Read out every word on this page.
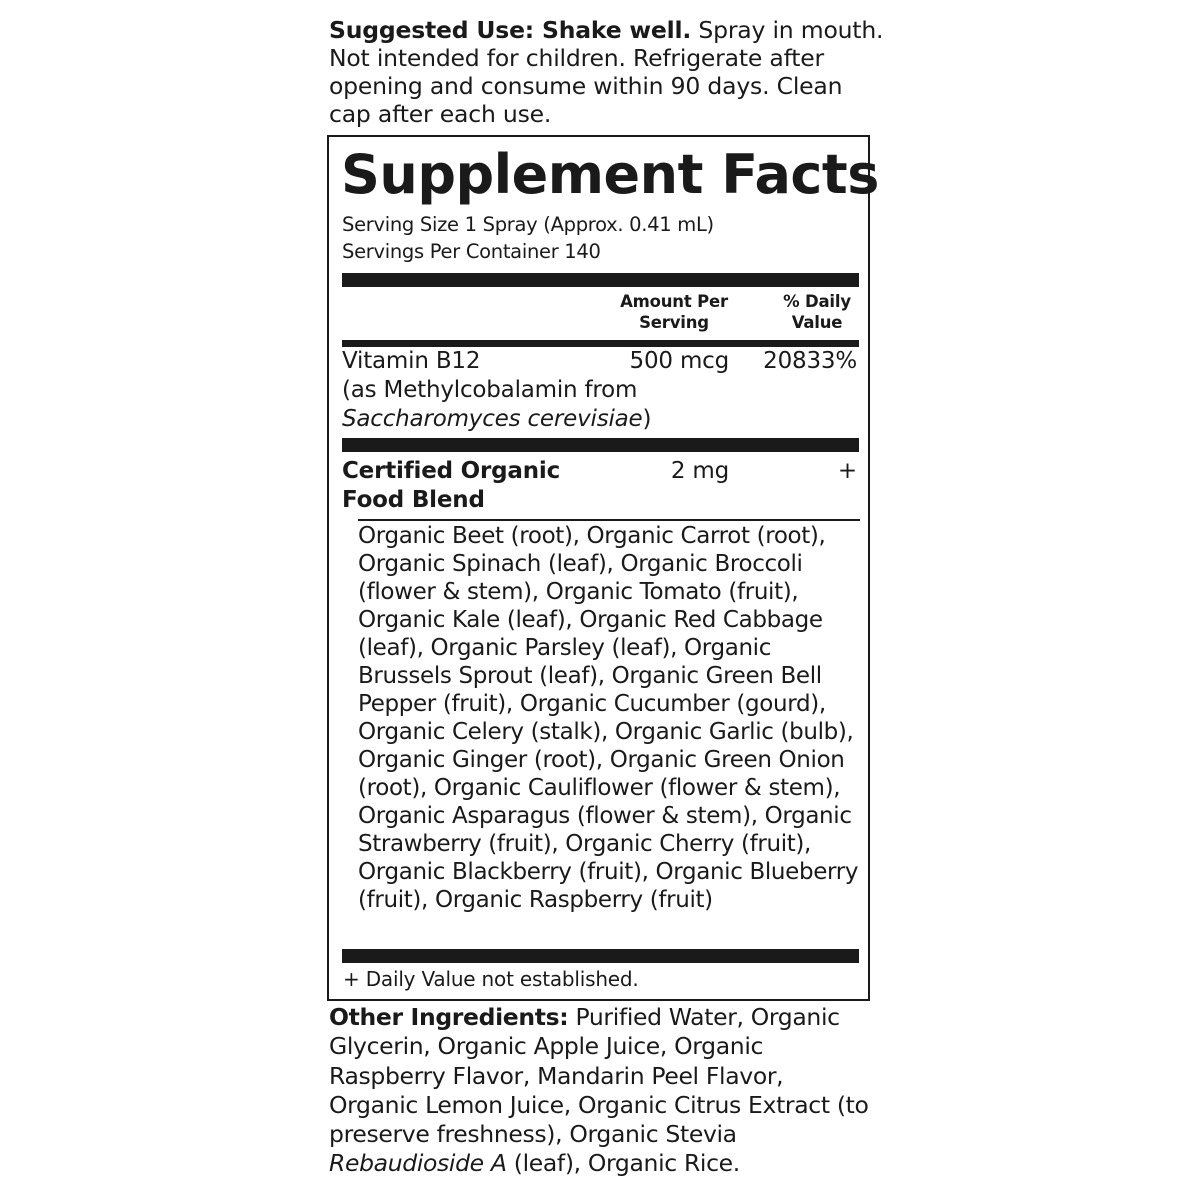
Suggested Use: Shake well. Spray in mouth. Not intended for children. Refrigerate after opening and consume within 90 days. Clean cap after each use.
Supplement Facts
Serving Size 1 Spray (Approx. 0.41 mL)
Servings Per Container 140
Amount Per Serving
% Daily Value
Vitamin B12
(as Methylcobalamin from Saccharomyces cerevisiae)
500 mcg	20833%
Certified Organic Food Blend
2 mg	+
Organic Beet (root), Organic Carrot (root), Organic Spinach (leaf), Organic Broccoli (flower & stem), Organic Tomato (fruit), Organic Kale (leaf), Organic Red Cabbage (leaf), Organic Parsley (leaf), Organic Brussels Sprout (leaf), Organic Green Bell Pepper (fruit), Organic Cucumber (gourd), Organic Celery (stalk), Organic Garlic (bulb), Organic Ginger (root), Organic Green Onion (root), Organic Cauliflower (flower & stem), Organic Asparagus (flower & stem), Organic Strawberry (fruit), Organic Cherry (fruit), Organic Blackberry (fruit), Organic Blueberry (fruit), Organic Raspberry (fruit)
+ Daily Value not established.
Other Ingredients: Purified Water, Organic Glycerin, Organic Apple Juice, Organic Raspberry Flavor, Mandarin Peel Flavor, Organic Lemon Juice, Organic Citrus Extract (to preserve freshness), Organic Stevia Rebaudioside A (leaf), Organic Rice.
